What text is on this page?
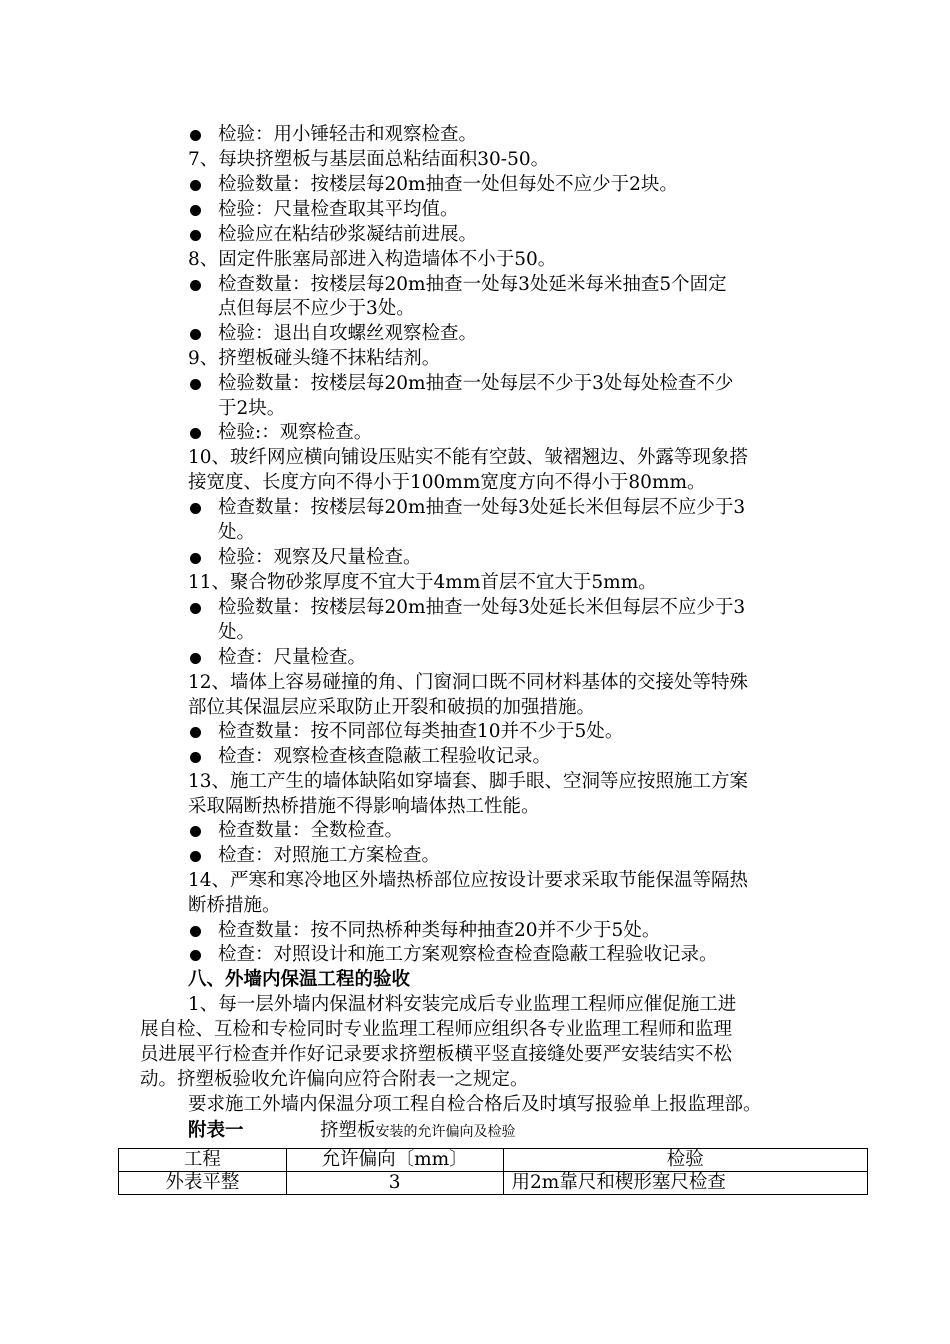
检验：用小锤轻击和观察检查。
7、每块挤塑板与基层面总粘结面积30-50。
检验数量：按楼层每20m抽查一处但每处不应少于2块。
检验：尺量检查取其平均值。
检验应在粘结砂浆凝结前进展。
8、固定件胀塞局部进入构造墙体不小于50。
检查数量：按楼层每20m抽查一处每3处延米每米抽查5个固定
点但每层不应少于3处。
检验：退出自攻螺丝观察检查。
9、挤塑板碰头缝不抹粘结剂。
检验数量：按楼层每20m抽查一处每层不少于3处每处检查不少
于2块。
检验:：观察检查。
10、玻纤网应横向铺设压贴实不能有空鼓、皱褶翘边、外露等现象搭
接宽度、长度方向不得小于100mm宽度方向不得小于80mm。
检查数量：按楼层每20m抽查一处每3处延长米但每层不应少于3
处。
检验：观察及尺量检查。
11、聚合物砂浆厚度不宜大于4mm首层不宜大于5mm。
检验数量：按楼层每20m抽查一处每3处延长米但每层不应少于3
处。
检查：尺量检查。
12、墙体上容易碰撞的角、门窗洞口既不同材料基体的交接处等特殊
部位其保温层应采取防止开裂和破损的加强措施。
检查数量：按不同部位每类抽查10并不少于5处。
检查：观察检查核查隐蔽工程验收记录。
13、施工产生的墙体缺陷如穿墙套、脚手眼、空洞等应按照施工方案
采取隔断热桥措施不得影响墙体热工性能。
检查数量：全数检查。
检查：对照施工方案检查。
14、严寒和寒冷地区外墙热桥部位应按设计要求采取节能保温等隔热
断桥措施。
检查数量：按不同热桥种类每种抽查20并不少于5处。
检查：对照设计和施工方案观察检查检查隐蔽工程验收记录。
八、外墙内保温工程的验收
1、每一层外墙内保温材料安装完成后专业监理工程师应催促施工进
展自检、互检和专检同时专业监理工程师应组织各专业监理工程师和监理
员进展平行检查并作好记录要求挤塑板横平竖直接缝处要严安装结实不松
动。挤塑板验收允许偏向应符合附表一之规定。
要求施工外墙内保温分项工程自检合格后及时填写报验单上报监理部。
附表一	挤塑板安装的允许偏向及检验
工程	允许偏向〔mm〕	检验
外表平整	3	用2m靠尺和楔形塞尺检查
